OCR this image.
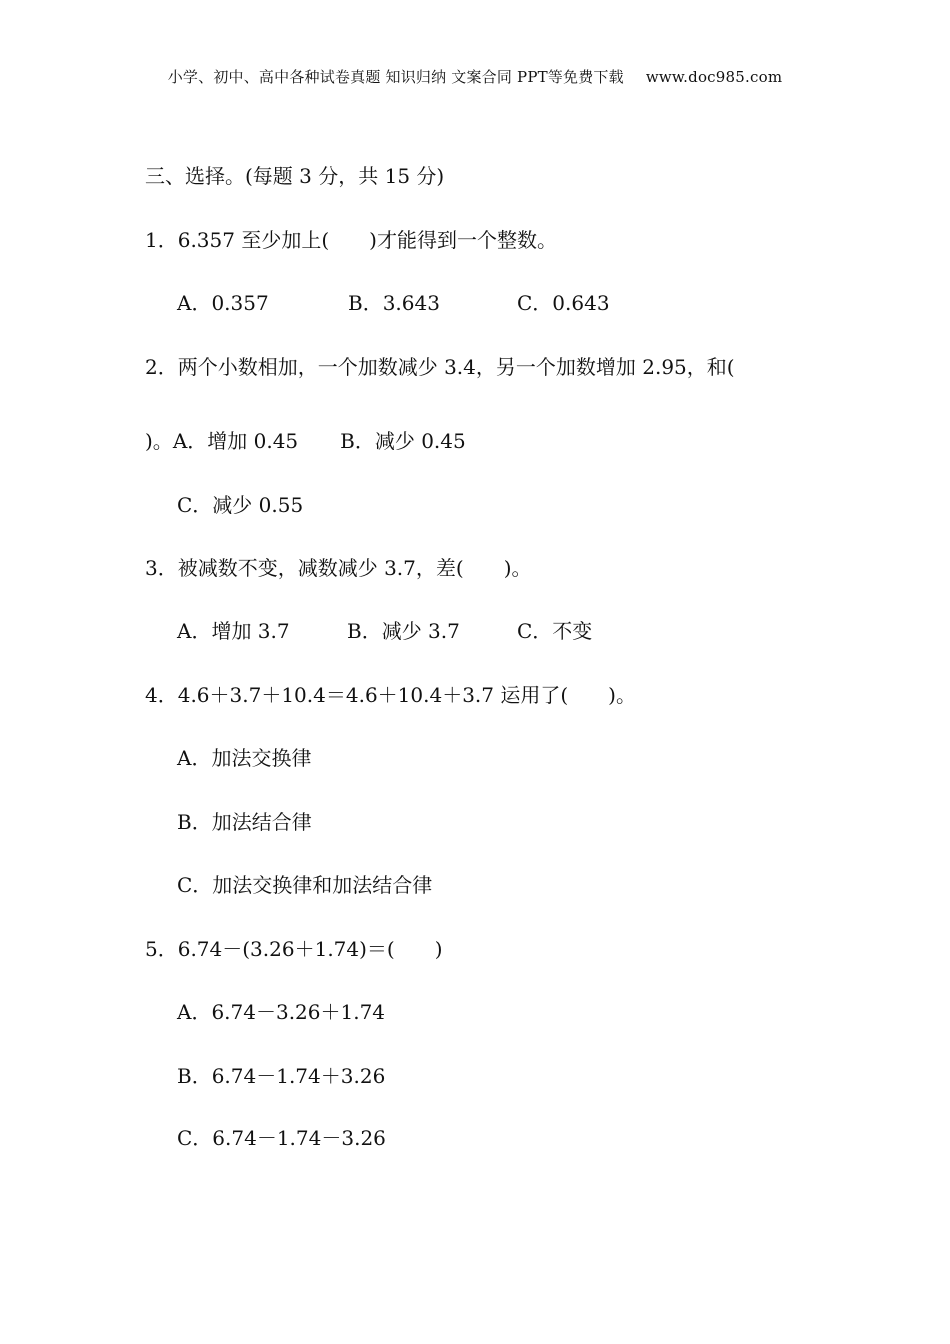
小学、初中、高中各种试卷真题 知识归纳 文案合同 PPT等免费下载 www.doc985.com
三、选择。(每题 3 分，共 15 分)
1．6.357 至少加上(　　)才能得到一个整数。
A．0.357	B．3.643	C．0.643
2．两个小数相加，一个加数减少 3.4，另一个加数增加 2.95，和(
)。A．增加 0.45 B．减少 0.45
C．减少 0.55
3．被减数不变，减数减少 3.7，差(　　)。
A．增加 3.7	B．减少 3.7	C．不变
4．4.6＋3.7＋10.4＝4.6＋10.4＋3.7 运用了(　　)。
A．加法交换律
B．加法结合律
C．加法交换律和加法结合律
5．6.74－(3.26＋1.74)＝(　　)
A．6.74－3.26＋1.74
B．6.74－1.74＋3.26
C．6.74－1.74－3.26
